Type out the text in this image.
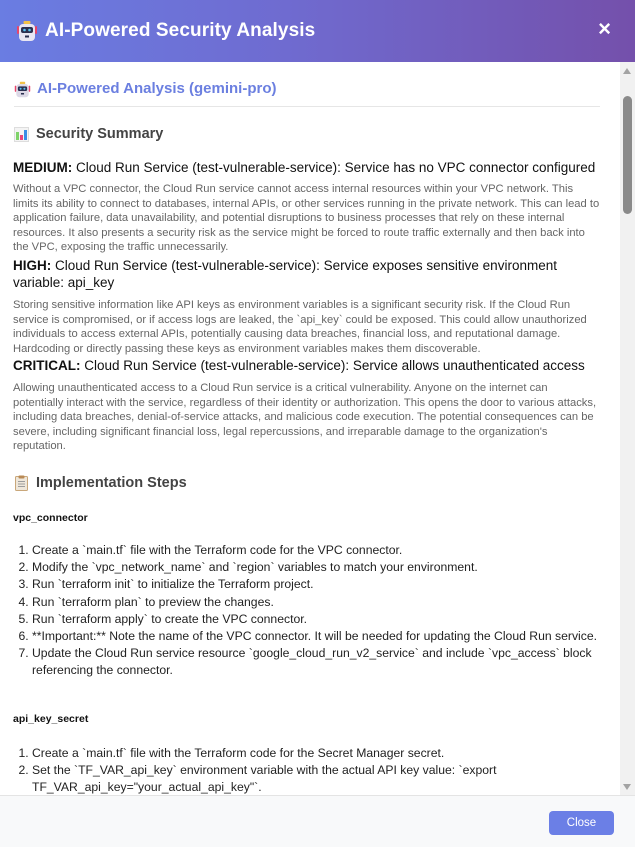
AI-Powered Security Analysis	×
AI-Powered Analysis (gemini-pro)
Security Summary
MEDIUM: Cloud Run Service (test-vulnerable-service): Service has no VPC connector configured
Without a VPC connector, the Cloud Run service cannot access internal resources within your VPC network. This limits its ability to connect to databases, internal APIs, or other services running in the private network. This can lead to application failure, data unavailability, and potential disruptions to business processes that rely on these internal resources. It also presents a security risk as the service might be forced to route traffic externally and then back into the VPC, exposing the traffic unnecessarily.
HIGH: Cloud Run Service (test-vulnerable-service): Service exposes sensitive environment variable: api_key
Storing sensitive information like API keys as environment variables is a significant security risk. If the Cloud Run service is compromised, or if access logs are leaked, the `api_key` could be exposed. This could allow unauthorized individuals to access external APIs, potentially causing data breaches, financial loss, and reputational damage. Hardcoding or directly passing these keys as environment variables makes them discoverable.
CRITICAL: Cloud Run Service (test-vulnerable-service): Service allows unauthenticated access
Allowing unauthenticated access to a Cloud Run service is a critical vulnerability. Anyone on the internet can potentially interact with the service, regardless of their identity or authorization. This opens the door to various attacks, including data breaches, denial-of-service attacks, and malicious code execution. The potential consequences can be severe, including significant financial loss, legal repercussions, and irreparable damage to the organization's reputation.
Implementation Steps
vpc_connector
1. Create a `main.tf` file with the Terraform code for the VPC connector.
2. Modify the `vpc_network_name` and `region` variables to match your environment.
3. Run `terraform init` to initialize the Terraform project.
4. Run `terraform plan` to preview the changes.
5. Run `terraform apply` to create the VPC connector.
6. **Important:** Note the name of the VPC connector. It will be needed for updating the Cloud Run service.
7. Update the Cloud Run service resource `google_cloud_run_v2_service` and include `vpc_access` block referencing the connector.
api_key_secret
1. Create a `main.tf` file with the Terraform code for the Secret Manager secret.
2. Set the `TF_VAR_api_key` environment variable with the actual API key value: `export TF_VAR_api_key="your_actual_api_key"`.
Close
